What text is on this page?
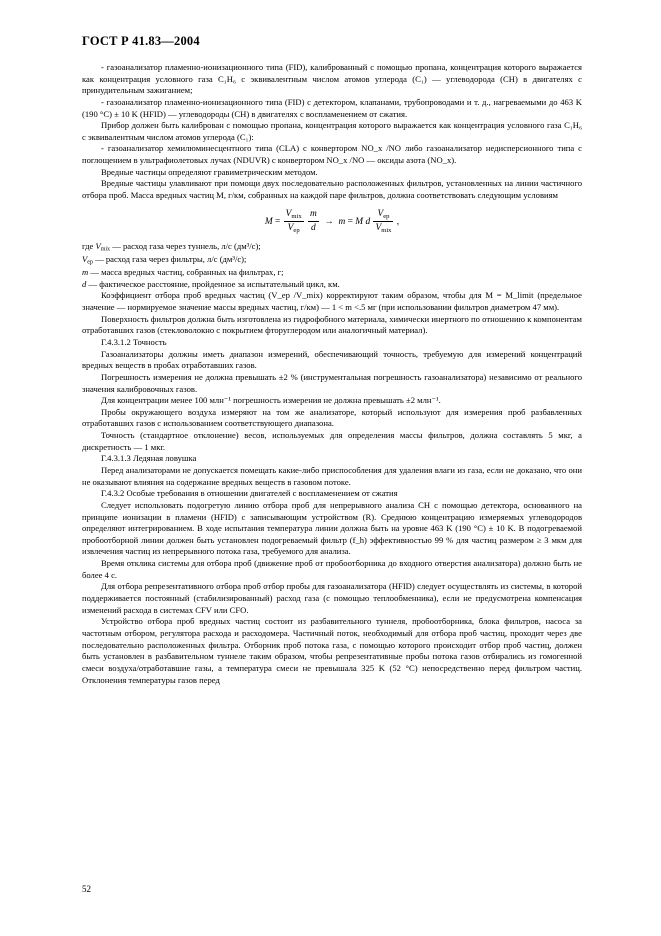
ГОСТ Р 41.83—2004

- газоанализатор пламенно-ионизационного типа (FID), калиброванный с помощью пропана, концентрация которого выражается как концентрация условного газа C₁H₆ с эквивалентным числом атомов углерода (C₁) — углеводорода (CH) в двигателях с принудительным зажиганием;

- газоанализатор пламенно-ионизационного типа (FID) с детектором, клапанами, трубопроводами и т. д., нагреваемыми до 463 K (190 °C) ± 10 K (HFID) — углеводороды (CH) в двигателях с воспламенением от сжатия.

Прибор должен быть калиброван с помощью пропана, концентрация которого выражается как концентрация условного газа C₁H₆ с эквивалентным числом атомов углерода (C₁):

- газоанализатор хемилюминесцентного типа (CLA) с конвертором NO_x /NO либо газоанализатор недисперсионного типа с поглощением в ультрафиолетовых лучах (NDUVR) с конвертором NO_x /NO — оксиды азота (NO_x).

Вредные частицы определяют гравиметрическим методом.

Вредные частицы улавливают при помощи двух последовательно расположенных фильтров, установленных на линии частичного отбора проб. Масса вредных частиц M, г/км, собранных на каждой паре фильтров, должна соответствовать следующим условиям

$M = \frac{V_{mix}}{V_{ер}}$
$\frac{m}{d} \to m = M$ d $\frac{V_{ер}}{V_{mix}}$ ,

где $V_{mix}$ — расход газа через туннель, л/с (дм³/с);

$V_{ер}$ — расход газа через фильтры, л/с (дм³/с);

m — масса вредных частиц, собранных на фильтрах, г;

d — фактическое расстояние, пройденное за испытательный цикл, км.

Коэффициент отбора проб вредных частиц (V_ер /V_mix) корректируют таким образом, чтобы для M = M_limit (предельное значение — нормируемое значение массы вредных частиц, г/км) — 1 < m <.5 мг (при использовании фильтров диаметром 47 мм).

Поверхность фильтров должна быть изготовлена из гидрофобного материала, химически инертного по отношению к компонентам отработавших газов (стекловолокно с покрытием фторуглеродом или аналогичный материал).

Г.4.3.1.2 Точность

Газоанализаторы должны иметь диапазон измерений, обеспечивающий точность, требуемую для измерений концентраций вредных веществ в пробах отработавших газов.

Погрешность измерения не должна превышать ±2 % (инструментальная погрешность газоанализатора) независимо от реального значения калибровочных газов.

Для концентрации менее 100 млн⁻¹ погрешность измерения не должна превышать ±2 млн⁻¹.

Пробы окружающего воздуха измеряют на том же анализаторе, который используют для измерения проб разбавленных отработавших газов с использованием соответствующего диапазона.

Точность (стандартное отклонение) весов, используемых для определения массы фильтров, должна составлять 5 мкг, а дискретность — 1 мкг.

Г.4.3.1.3 Ледяная ловушка

Перед анализаторами не допускается помещать какие-либо приспособления для удаления влаги из газа, если не доказано, что они не оказывают влияния на содержание вредных веществ в газовом потоке.

Г.4.3.2 Особые требования в отношении двигателей с воспламенением от сжатия

Следует использовать подогретую линию отбора проб для непрерывного анализа CH с помощью детектора, основанного на принципе ионизации в пламени (HFID) с записывающим устройством (R). Среднюю концентрацию измеряемых углеводородов определяют интегрированием. В ходе испытания температура линии должна быть на уровне 463 K (190 °C) ± 10 K. В подогреваемой пробоотборной линии должен быть установлен подогреваемый фильтр (f_h) эффективностью 99 % для частиц размером ≥ 3 мкм для извлечения частиц из непрерывного потока газа, требуемого для анализа.

Время отклика системы для отбора проб (движение проб от пробоотборника до входного отверстия анализатора) должно быть не более 4 с.

Для отбора репрезентативного отбора проб отбор пробы для газоанализатора (HFID) следует осуществлять из системы, в которой поддерживается постоянный (стабилизированный) расход газа (с помощью теплообменника), если не предусмотрена компенсация изменений расхода в системах CFV или CFO.

Устройство отбора проб вредных частиц состоит из разбавительного туннеля, пробоотборника, блока фильтров, насоса за частотным отбором, регулятора расхода и расходомера. Частичный поток, необходимый для отбора проб частиц, проходит через две последовательно расположенных фильтра. Отборник проб потока газа, с помощью которого происходит отбор проб частиц, должен быть установлен в разбавительном туннеле таким образом, чтобы репрезентативные пробы потока газов отбирались из гомогенной смеси воздуха/отработавшие газы, а температура смеси не превышала 325 K (52 °C) непосредственно перед фильтром частиц. Отклонения температуры газов перед

52
